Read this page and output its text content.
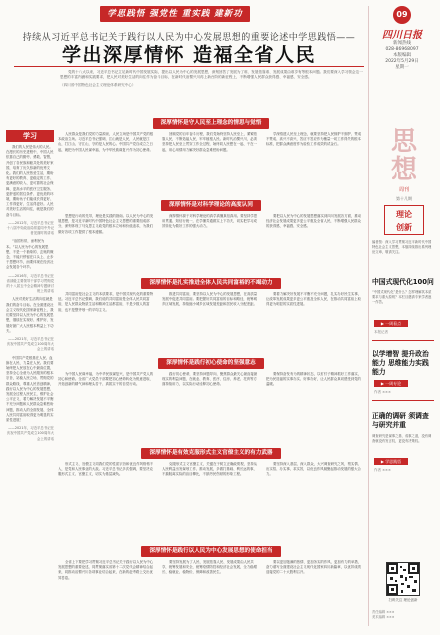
学思践悟 强党性 重实践 建新功
持续从习近平总书记关于践行以人民为中心发展思想的重要论述中学思践悟——
学出深厚情怀 造福全省人民
09
四川日报
新闻热线
028-86968097
本版编辑
2022年5月29日
星期一
党的十八大以来，习近平总书记立足新时代中国发展实际，提出以人民为中心的发展思想，深刻回答了发展为了谁、发展依靠谁、发展成果由谁享有等根本问题。我们要深入学习领会这一思想的丰富内涵和实践要求，把人民对美好生活的向往作为奋斗目标，在新时代治蜀兴川再上新台阶的新征程上，不断增强人民群众获得感、幸福感、安全感。
（四川省中国特色社会主义理论体系研究中心）
学习

我们的人民是伟大的人民。在漫长的历史进程中，中国人民依靠自己的勤劳、勇敢、智慧，开创了各民族和睦共处的美好家园，培育了历久弥新的优秀文化。我们的人民热爱生活，期盼有更好的教育、更稳定的工作、更满意的收入、更可靠的社会保障、更高水平的医疗卫生服务、更舒适的居住条件、更优美的环境，期盼孩子们能成长得更好、工作得更好、生活得更好。人民对美好生活的向往，就是我们的奋斗目标。

——2012年，习近平总书记在十八届中央政治局常委同中外记者见面时的讲话

“治国有常，而利民为本。”以人民为中心的发展思想，不是一个抽象的、玄奥的概念，不能只停留在口头上、止步于思想环节，而要体现在经济社会发展各个环节。

——2016年，习近平总书记在省部级主要领导干部学习贯彻党的十八届五中全会精神专题研讨班上的讲话

人民对美好生活的向往就是我们的奋斗目标。在全面建设社会主义现代化国家新征程上，我们要坚持以人民为中心的发展思想，继续在实现好、维护好、发展好最广大人民根本利益上下功夫。

——2021年，习近平总书记在庆祝中国共产党成立100周年大会上的讲话

中国共产党根基在人民、血脉在人民、力量在人民。我们要始终把人民放在心中最高位置，坚持全心全意为人民服务的根本宗旨，站稳人民立场，贯彻党的群众路线，尊重人民首创精神，践行以人民为中心的发展思想，发展全过程人民民主，维护社会公平正义，着力解决发展不平衡不充分问题和人民群众急难愁盼问题，推动人的全面发展、全体人民共同富裕取得更为明显的实质性进展！

——2021年，习近平总书记在庆祝中国共产党成立100周年大会上的讲话

深厚情怀是守人民至上理念的情思与觉悟

人民群众是我们党的力量源泉，人民立场是中国共产党的根本政治立场。习近平总书记强调，江山就是人民，人民就是江山，打江山、守江山，守的是人民的心。中国共产党自成立之日起，就把为中国人民谋幸福、为中华民族谋复兴作为初心使命。

回顾党的百年奋斗历程，我们党始终坚持人民至上，紧紧依靠人民，不断造福人民，牢牢植根人民。新时代治蜀兴川，必须坚持把人民至上贯穿工作全过程，始终同人民想在一起、干在一起，用心用情用力解决好群众急难愁盼问题。

学深悟透人民至上理念，就要坚持把人民拥护不拥护、赞成不赞成、高兴不高兴、答应不答应作为衡量一切工作得失的根本标准，把群众满意度作为检验工作成效的试金石。

深厚情怀是对科学理论的高度认同

思想是行动的先导，理论是实践的指南。以人民为中心的发展思想，是习近平新时代中国特色社会主义思想的重要组成部分，深刻体现了马克思主义政党的根本立场和价值追求，为我们做好各项工作提供了根本遵循。

深厚情怀源于对科学理论的真学真懂真信真用。要坚持学思用贯通、知信行统一，在学懂弄通做实上下功夫，切实把学习成效转化为做好工作的强大动力。

要把以人民为中心的发展思想落实到四川发展各方面，推动经济社会发展成果更多更公平惠及全省人民，不断增强人民群众的获得感、幸福感、安全感。

深厚情怀是扎实推进全体人民共同富裕的不竭动力

共同富裕是社会主义的本质要求，是中国式现代化的重要特征。习近平总书记强调，我们说的共同富裕是全体人民共同富裕，是人民群众物质生活和精神生活都富裕，不是少数人的富裕，也不是整齐划一的平均主义。

推进共同富裕，要坚持以人民为中心的发展思想，在高质量发展中促进共同富裕。要把握好共同富裕的目标和路径，统筹城乡区域发展，持续缩小城乡区域发展差距和居民收入分配差距。

要着力解决好发展不平衡不充分问题，扎实办好民生实事，让改革发展成果更多更公平惠及全体人民，在推动共同富裕上取得更为明显的实质性进展。

深厚情怀是践行初心使命的坚强意志

为中国人民谋幸福，为中华民族谋复兴，是中国共产党人的初心和使命。全省广大党员干部要把初心使命转化为锐意进取、开拓创新的精气神和埋头苦干、真抓实干的自觉行动。

践行初心使命，要坚持问题导向，聚焦群众最关心最直接最现实的利益问题，在就业、教育、医疗、住房、养老、托育等方面持续用力，以实际行动诠释初心使命。

要保持奋发有为的精神状态，以钉钉子精神抓好工作落实，把为民造福的实事办实、好事办好，让人民群众真切感受到党的温暖。

深厚情怀是有效克服形式主义官僚主义的有力武器

形式主义、官僚主义同我们党的性质宗旨和优良作风格格不入，是党和人民事业的大敌。习近平总书记多次强调，要坚决克服形式主义、官僚主义，切实为基层减负。

克服形式主义官僚主义，关键在于树立正确政绩观，坚持从人民利益出发谋划工作、推动发展，多做打基础、利长远的事，不搞脱离实际的盲目攀比，不搞劳民伤财的形象工程。

要坚持深入基层、深入群众，大兴调查研究之风，察实情、出实招、办实事、求实效，以优良作风凝聚起推动发展的强大合力。

深厚情怀是践行以人民为中心发展思想的使命担当

全省上下要把学习贯彻习近平总书记关于践行以人民为中心发展思想的重要论述，同贯彻落实省第十二次党代会精神结合起来，同推动治蜀兴川各项事业结合起来，在新的赶考路上交出优异答卷。

要坚持发展为了人民、发展依靠人民、发展成果由人民共享，统筹发展和安全，统筹疫情防控和经济社会发展，全力稳增长、稳就业、稳物价，保障和改善民生。

要以更加饱满的热情、更加务实的作风、更加有力的举措，奋力谱写全面建设社会主义现代化国家四川新篇章，以优异成绩迎接党的二十大胜利召开。

思
想
周刊
第十几期
理论
创新
编者按：深入学习贯彻习近平新时代中国特色社会主义思想，本版持续推出系列理论文章，敬请关注。
中国式现代化100问
“中国式现代化”是什么？怎样理解其本质要求与重大原则？本栏目邀请专家学者逐一作答。
▶ 一周看点
本报记者
以学增智 提升政治能力 思维能力实践能力
▶ 一周专论
作者 ×××
正确的调研 须调查与研究并重
调查研究是谋事之基、成事之道，没有调查就没有发言权，更没有决策权。
▶ 学思践悟
作者 ×××
扫码关注 理论创新
责任编辑 ×××
美术编辑 ×××
